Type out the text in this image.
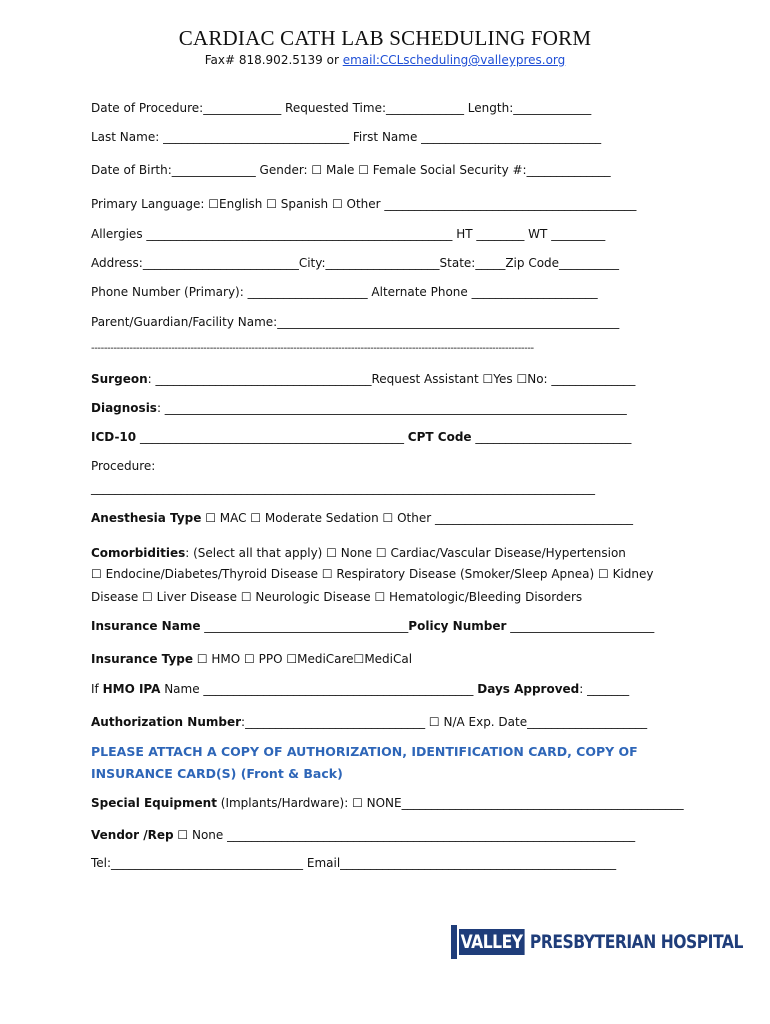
CARDIAC CATH LAB SCHEDULING FORM
Fax# 818.902.5139 or email:CCLscheduling@valleypres.org
Date of Procedure:_____________ Requested Time:_____________ Length:_____________
Last Name: _______________________________ First Name ______________________________
Date of Birth:______________ Gender: ☐ Male ☐ Female Social Security #:______________
Primary Language: ☐English ☐ Spanish ☐ Other __________________________________________
Allergies ___________________________________________________ HT ________ WT _________
Address:__________________________City:___________________State:_____Zip Code__________
Phone Number (Primary): ____________________ Alternate Phone _____________________
Parent/Guardian/Facility Name:_________________________________________________________
------------------------------------------------------------------------------------------------------------------------------------------
Surgeon: ____________________________________Request Assistant ☐Yes ☐No: ______________
Diagnosis: _____________________________________________________________________________
ICD-10 ____________________________________________ CPT Code __________________________
Procedure:
____________________________________________________________________________________
Anesthesia Type ☐ MAC ☐ Moderate Sedation ☐ Other _________________________________
Comorbidities: (Select all that apply) ☐ None ☐ Cardiac/Vascular Disease/Hypertension
☐ Endocine/Diabetes/Thyroid Disease ☐ Respiratory Disease (Smoker/Sleep Apnea) ☐ Kidney
Disease ☐ Liver Disease ☐ Neurologic Disease ☐ Hematologic/Bleeding Disorders
Insurance Name __________________________________Policy Number ________________________
Insurance Type ☐ HMO ☐ PPO ☐MediCare☐MediCal
If HMO IPA Name _____________________________________________ Days Approved: _______
Authorization Number:______________________________ ☐ N/A Exp. Date____________________
PLEASE ATTACH A COPY OF AUTHORIZATION, IDENTIFICATION CARD, COPY OF INSURANCE CARD(S) (Front & Back)
Special Equipment (Implants/Hardware): ☐ NONE_______________________________________________
Vendor /Rep ☐ None ____________________________________________________________________
Tel:________________________________ Email______________________________________________
VALLEY PRESBYTERIAN HOSPITAL
